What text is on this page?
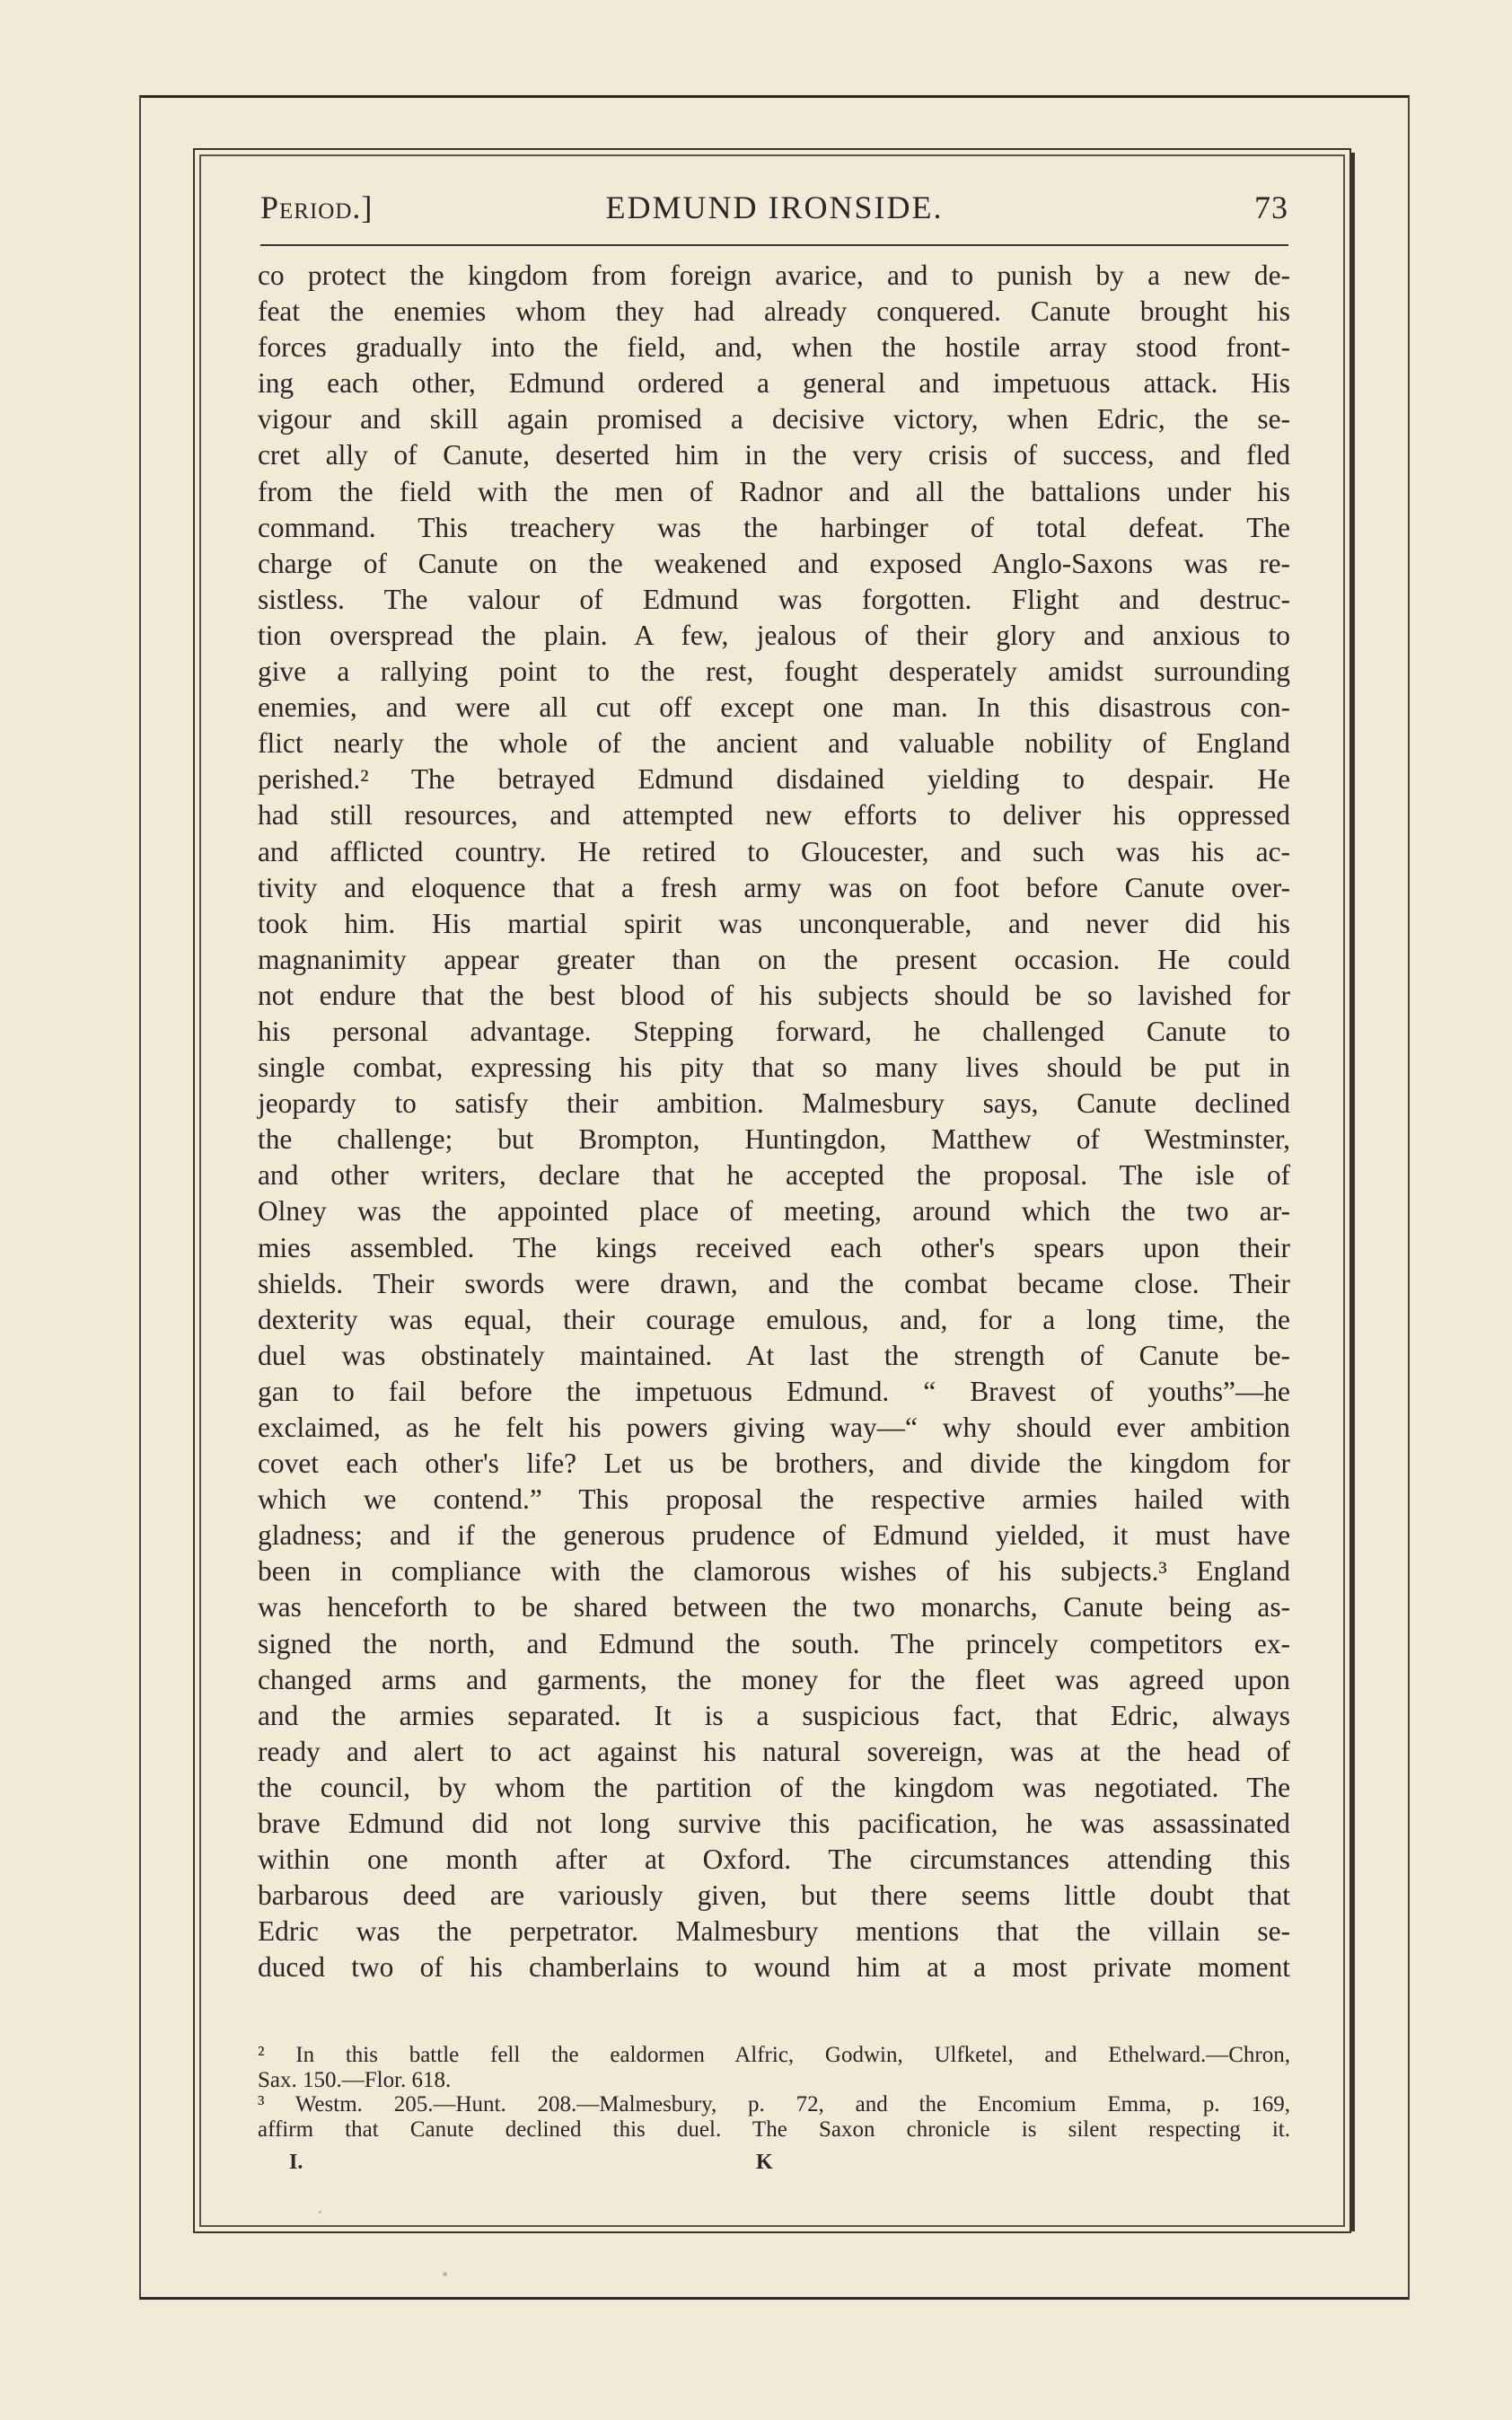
Period.]	EDMUND IRONSIDE.	73
co protect the kingdom from foreign avarice, and to punish by a new de-
feat the enemies whom they had already conquered. Canute brought his
forces gradually into the field, and, when the hostile array stood front-
ing each other, Edmund ordered a general and impetuous attack. His
vigour and skill again promised a decisive victory, when Edric, the se-
cret ally of Canute, deserted him in the very crisis of success, and fled
from the field with the men of Radnor and all the battalions under his
command. This treachery was the harbinger of total defeat. The
charge of Canute on the weakened and exposed Anglo-Saxons was re-
sistless. The valour of Edmund was forgotten. Flight and destruc-
tion overspread the plain. A few, jealous of their glory and anxious to
give a rallying point to the rest, fought desperately amidst surrounding
enemies, and were all cut off except one man. In this disastrous con-
flict nearly the whole of the ancient and valuable nobility of England
perished.² The betrayed Edmund disdained yielding to despair. He
had still resources, and attempted new efforts to deliver his oppressed
and afflicted country. He retired to Gloucester, and such was his ac-
tivity and eloquence that a fresh army was on foot before Canute over-
took him. His martial spirit was unconquerable, and never did his
magnanimity appear greater than on the present occasion. He could
not endure that the best blood of his subjects should be so lavished for
his personal advantage. Stepping forward, he challenged Canute to
single combat, expressing his pity that so many lives should be put in
jeopardy to satisfy their ambition. Malmesbury says, Canute declined
the challenge; but Brompton, Huntingdon, Matthew of Westminster,
and other writers, declare that he accepted the proposal. The isle of
Olney was the appointed place of meeting, around which the two ar-
mies assembled. The kings received each other's spears upon their
shields. Their swords were drawn, and the combat became close. Their
dexterity was equal, their courage emulous, and, for a long time, the
duel was obstinately maintained. At last the strength of Canute be-
gan to fail before the impetuous Edmund. “ Bravest of youths”—he
exclaimed, as he felt his powers giving way—“ why should ever ambition
covet each other's life? Let us be brothers, and divide the kingdom for
which we contend.” This proposal the respective armies hailed with
gladness; and if the generous prudence of Edmund yielded, it must have
been in compliance with the clamorous wishes of his subjects.³ England
was henceforth to be shared between the two monarchs, Canute being as-
signed the north, and Edmund the south. The princely competitors ex-
changed arms and garments, the money for the fleet was agreed upon
and the armies separated. It is a suspicious fact, that Edric, always
ready and alert to act against his natural sovereign, was at the head of
the council, by whom the partition of the kingdom was negotiated. The
brave Edmund did not long survive this pacification, he was assassinated
within one month after at Oxford. The circumstances attending this
barbarous deed are variously given, but there seems little doubt that
Edric was the perpetrator. Malmesbury mentions that the villain se-
duced two of his chamberlains to wound him at a most private moment
² In this battle fell the ealdormen Alfric, Godwin, Ulfketel, and Ethelward.—Chron,
Sax. 150.—Flor. 618.
³ Westm. 205.—Hunt. 208.—Malmesbury, p. 72, and the Encomium Emma, p. 169,
affirm that Canute declined this duel. The Saxon chronicle is silent respecting it.
I.	K
